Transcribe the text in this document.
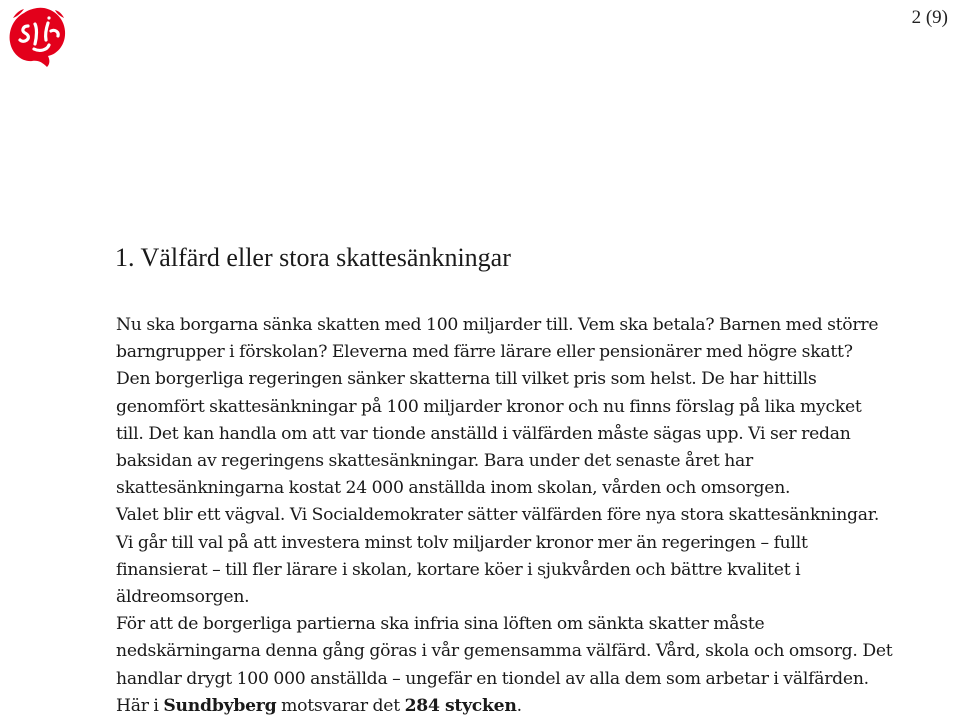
2 (9)
1. Välfärd eller stora skattesänkningar
Nu ska borgarna sänka skatten med 100 miljarder till. Vem ska betala? Barnen med större
barngrupper i förskolan? Eleverna med färre lärare eller pensionärer med högre skatt?
Den borgerliga regeringen sänker skatterna till vilket pris som helst. De har hittills
genomfört skattesänkningar på 100 miljarder kronor och nu finns förslag på lika mycket
till. Det kan handla om att var tionde anställd i välfärden måste sägas upp. Vi ser redan
baksidan av regeringens skattesänkningar. Bara under det senaste året har
skattesänkningarna kostat 24 000 anställda inom skolan, vården och omsorgen.
Valet blir ett vägval. Vi Socialdemokrater sätter välfärden före nya stora skattesänkningar.
Vi går till val på att investera minst tolv miljarder kronor mer än regeringen – fullt
finansierat – till fler lärare i skolan, kortare köer i sjukvården och bättre kvalitet i
äldreomsorgen.
För att de borgerliga partierna ska infria sina löften om sänkta skatter måste
nedskärningarna denna gång göras i vår gemensamma välfärd. Vård, skola och omsorg. Det
handlar drygt 100 000 anställda – ungefär en tiondel av alla dem som arbetar i välfärden.
Här i Sundbyberg motsvarar det 284 stycken.
